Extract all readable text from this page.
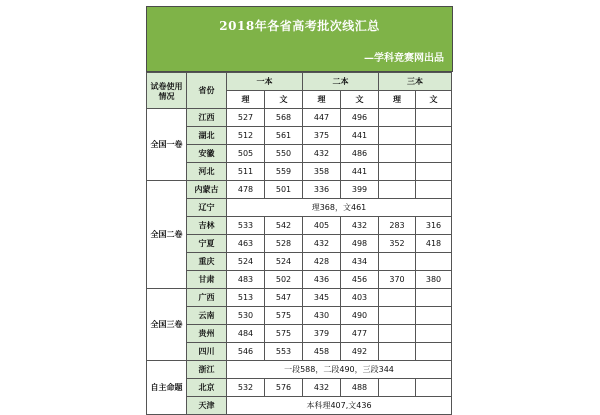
2018年各省高考批次线汇总
—学科竞赛网出品
试卷使用情况	省份	一本		二本		三本	
		理	文	理	文	理	文
全国一卷	江西	527	568	447	496		
	湖北	512	561	375	441		
	安徽	505	550	432	486		
	河北	511	559	358	441		
全国二卷	内蒙古	478	501	336	399		
	辽宁	理368，文461					
	吉林	533	542	405	432	283	316
	宁夏	463	528	432	498	352	418
	重庆	524	524	428	434		
	甘肃	483	502	436	456	370	380
全国三卷	广西	513	547	345	403		
	云南	530	575	430	490		
	贵州	484	575	379	477		
	四川	546	553	458	492		
自主命题	浙江	一段588，二段490，三段344					
	北京	532	576	432	488		
	天津	本科理407,文436					
